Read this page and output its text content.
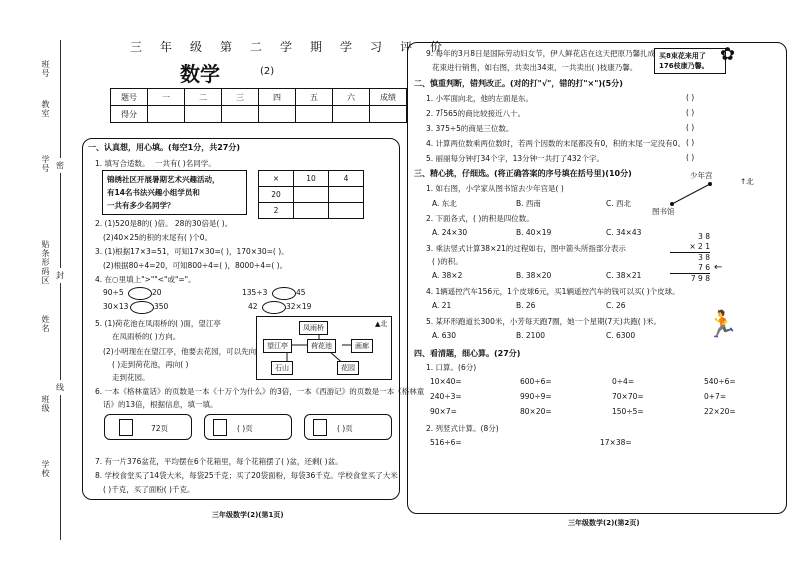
班号
教室
学号
贴条形码区
姓名
班级
学校
密
封
线
三年级第二学期学习评价
数学	(2)
题号	一	二	三	四	五	六	成绩
得分							
一、认真想，用心填。(每空1分，共27分)
1. 填写合适数。 一共有( )名同学。
锦绣社区开展暑期艺术兴趣活动，
有14名书法兴趣小组学员和
一共有多少名同学？
×	10	4
20		
2		
2. (1)520是8的( )倍。 28的30倍是( )。
(2)40×25的积的末尾有( )个0。
3. (1)根据17×3=51，可知17×30=( )，170×30=( )。
(2)根据80÷4=20，可知800÷4=( )，8000÷4=( )。
4. 在○里填上">""<"或"="。
90÷5	20	135÷3	45
30×13	350	42	32×19
5. (1)荷花池在凤雨桥的( )面，望江亭
在凤雨桥的( )方向。
(2)小明现在在望江亭，他要去花园，可以先向
( )走到荷花池，再向( )
走到花园。
凤雨桥
望江亭	荷花池	画廊
石山	花园
▲北
6. 一本《格林童话》的页数是一本《十万个为什么》的3倍，一本《西游记》的页数是一本《格林童
话》的13倍，根据信息，填一填。
72页	( )页	( )页
7. 有一片376盆花，平均摆在6个花箱里，每个花箱摆了( )盆，还剩( )盆。
8. 学校食堂买了14袋大米，每袋25千克；买了20袋面粉，每袋36千克。学校食堂买了大米
( )千克，买了面粉( )千克。
三年级数学(2)(第1页)
9. 每年的3月8日是国际劳动妇女节，伊人鲜花店在这天把原乃馨扎成
花束进行销售，如右图，共卖出34束，一共卖出( )枝康乃馨。
买8束花来用了
176枝康乃馨。
✿
二、慎重判断，错判改正。(对的打"√"，错的打"×")(5分)
1. 小军面向北，他的左面是东。
2. 7⟌565的商比较接近八十。
3. 375÷5的商是三位数。
4. 计算两位数乘两位数时，若两个因数的末尾都没有0，积的末尾一定没有0。
5. 丽丽每分钟打34个字，13分钟一共打了432个字。
( )
( )
( )
( )
( )
三、精心挑，仔细选。(将正确答案的序号填在括号里)(10分)
1. 如右图，小学家从图书馆去少年宫是( )
A. 东北	B. 西南	C. 西北
少年宫
图书馆
↑北
2. 下面各式，( )的积是四位数。
A. 24×30	B. 40×19	C. 34×43
3. 乘法竖式计算38×21的过程如右，图中箭头所指部分表示
( )的积。
A. 38×2	B. 38×20	C. 38×21
3 8
× 2 1
3 8
7 6
7 9 8
←
4. 1辆遥控汽车156元，1个皮球6元，买1辆遥控汽车的钱可以买( )个皮球。
A. 21	B. 26	C. 26
5. 某环形跑道长300米，小芳每天跑7圈，她一个星期(7天)共跑( )米。
A. 630	B. 2100	C. 6300	🏃
四、看清题，细心算。(27分)
1. 口算。(6分)
10×40=	600÷6=	0÷4=	540÷6=
240÷3=	990÷9=	70×70=	0+7=
90×7=	80×20=	150÷5=	22×20=
2. 列竖式计算。(8分)
516÷6=	17×38=
三年级数学(2)(第2页)
